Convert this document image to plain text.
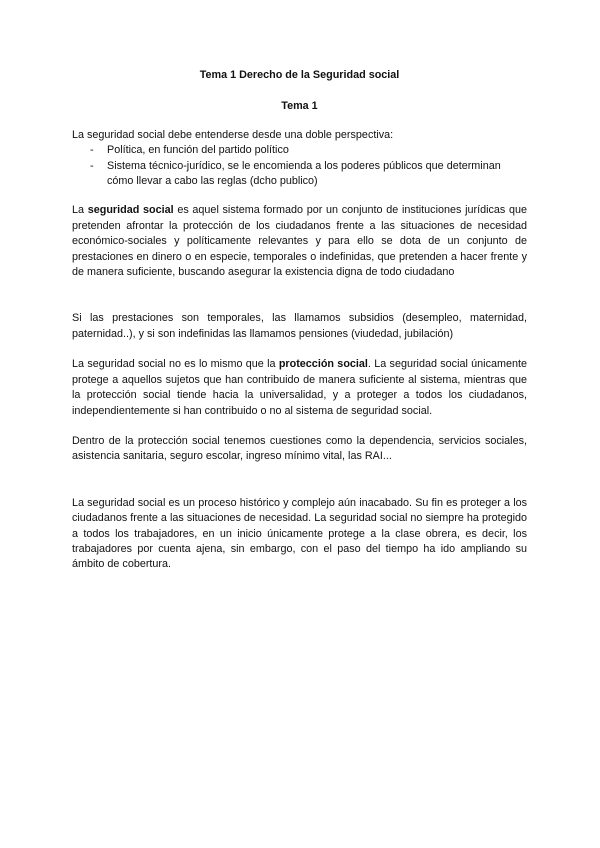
Tema 1 Derecho de la Seguridad social
Tema 1

La seguridad social debe entenderse desde una doble perspectiva:

- Política, en función del partido político
- Sistema técnico-jurídico, se le encomienda a los poderes públicos que determinan cómo llevar a cabo las reglas (dcho publico)

La seguridad social es aquel sistema formado por un conjunto de instituciones jurídicas que pretenden afrontar la protección de los ciudadanos frente a las situaciones de necesidad económico-sociales y políticamente relevantes y para ello se dota de un conjunto de prestaciones en dinero o en especie, temporales o indefinidas, que pretenden a hacer frente y de manera suficiente, buscando asegurar la existencia digna de todo ciudadano

Si las prestaciones son temporales, las llamamos subsidios (desempleo, maternidad, paternidad..), y si son indefinidas las llamamos pensiones (viudedad, jubilación)

La seguridad social no es lo mismo que la protección social. La seguridad social únicamente protege a aquellos sujetos que han contribuido de manera suficiente al sistema, mientras que la protección social tiende hacia la universalidad, y a proteger a todos los ciudadanos, independientemente si han contribuido o no al sistema de seguridad social.

Dentro de la protección social tenemos cuestiones como la dependencia, servicios sociales, asistencia sanitaria, seguro escolar, ingreso mínimo vital, las RAI...

La seguridad social es un proceso histórico y complejo aún inacabado. Su fin es proteger a los ciudadanos frente a las situaciones de necesidad. La seguridad social no siempre ha protegido a todos los trabajadores, en un inicio únicamente protege a la clase obrera, es decir, los trabajadores por cuenta ajena, sin embargo, con el paso del tiempo ha ido ampliando su ámbito de cobertura.
